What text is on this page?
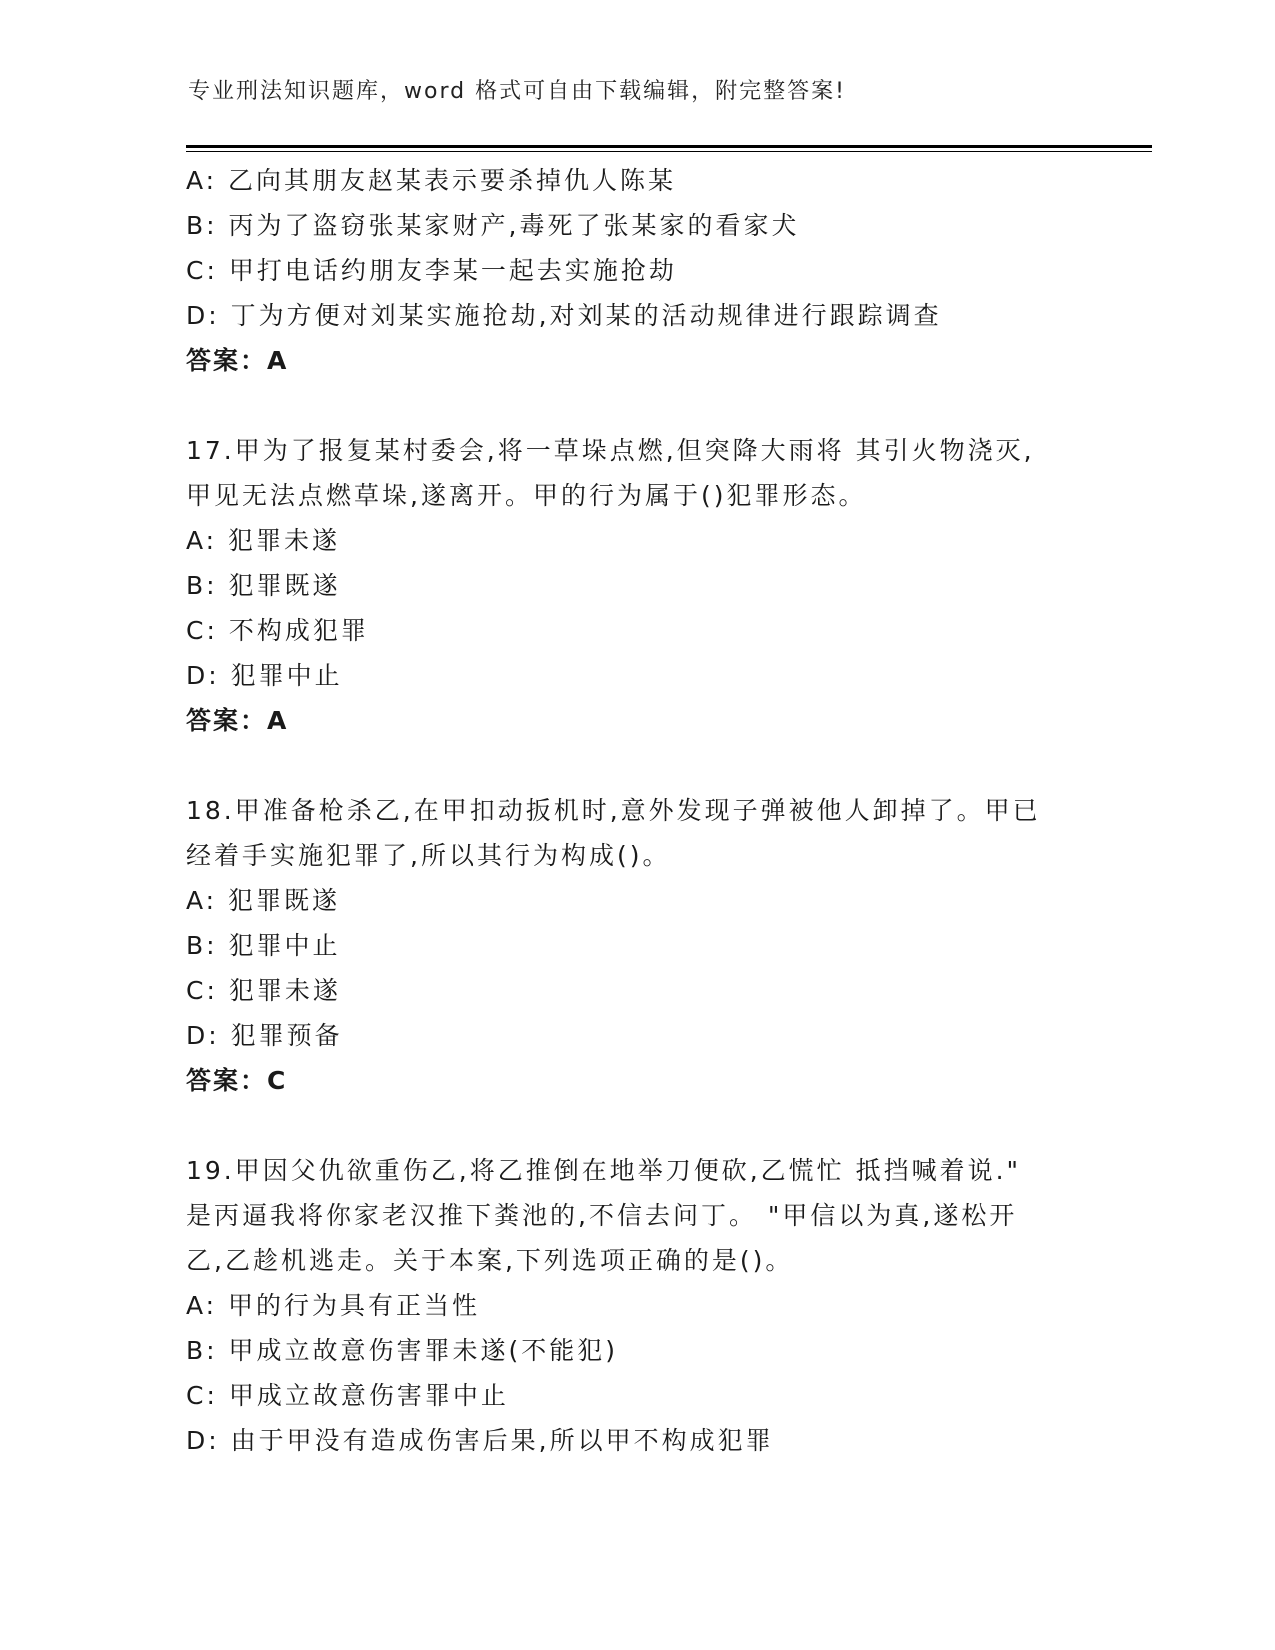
专业刑法知识题库，word 格式可自由下载编辑，附完整答案!
A: 乙向其朋友赵某表示要杀掉仇人陈某
B: 丙为了盗窃张某家财产,毒死了张某家的看家犬
C: 甲打电话约朋友李某一起去实施抢劫
D: 丁为方便对刘某实施抢劫,对刘某的活动规律进行跟踪调查
答案：A
17.甲为了报复某村委会,将一草垛点燃,但突降大雨将 其引火物浇灭,
甲见无法点燃草垛,遂离开。甲的行为属于()犯罪形态。
A: 犯罪未遂
B: 犯罪既遂
C: 不构成犯罪
D: 犯罪中止
答案：A
18.甲准备枪杀乙,在甲扣动扳机时,意外发现子弹被他人卸掉了。甲已
经着手实施犯罪了,所以其行为构成()。
A: 犯罪既遂
B: 犯罪中止
C: 犯罪未遂
D: 犯罪预备
答案：C
19.甲因父仇欲重伤乙,将乙推倒在地举刀便砍,乙慌忙 抵挡喊着说."
是丙逼我将你家老汉推下粪池的,不信去问丁。 "甲信以为真,遂松开
乙,乙趁机逃走。关于本案,下列选项正确的是()。
A: 甲的行为具有正当性
B: 甲成立故意伤害罪未遂(不能犯)
C: 甲成立故意伤害罪中止
D: 由于甲没有造成伤害后果,所以甲不构成犯罪
